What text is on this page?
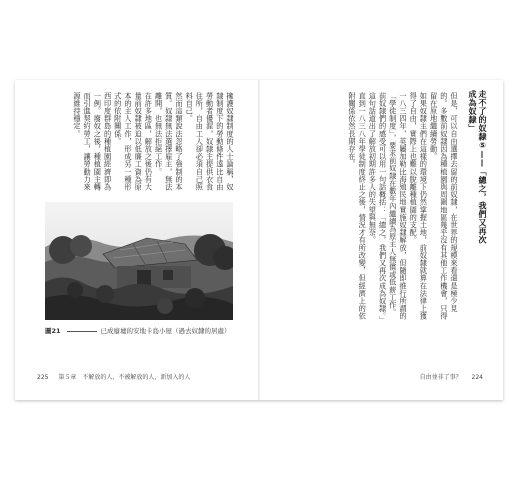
擁護奴隸制度的人士論稱，奴隸制度下的勞動條件遠比自由勞動者優渥，奴隸主提供衣食住所，自由工人卻必須自己照料自己。

然而這類說法忽略了強制的本質。奴隸無法選擇雇主，無法離開，也無法拒絕工作。

在許多地區，解放之後仍有大量前奴隸被迫以低廉工資為原本的主人工作，形成另一種形式的依附關係。

西印度群島的種植園經濟即為一例。廢奴之後，種植園主轉而引進契約勞工，讓勞動力來源維持穩定。

圖21	已成廢墟的安地卡島小屋（過去奴隸的居處）
225 第５章　不解放的人、不被解放的人、新加入的人
走不了的奴隸⑤——「總之，我們又再次成為奴隸」

但是，可以自由選擇去留的前奴隸，在世界的規模來看還是極少見的。多數前奴隸因為種植園與周圍地區幾乎沒有其他工作機會，只得留在原地繼續勞動。

如果奴隸主們在這樣的環境下仍然掌握土地，前奴隸就算在法律上獲得了自由，實際上也難以脫離種植園的支配。

一八三四年，英屬加勒比海殖民地實施奴隸解放，但隨即推行所謂的「學徒制度」，要求前奴隸在數年內繼續為原主人無償或低薪工作。

前奴隸們的感受可以用一句話概括：「總之，我們又再次成為奴隸。」這句話道出了解放初期許多人的失望與無奈。

直到一八三八年學徒制度終止之後，情況才有所改變，但經濟上的依附關係依然長期存在。

自由並非了事？ 224
